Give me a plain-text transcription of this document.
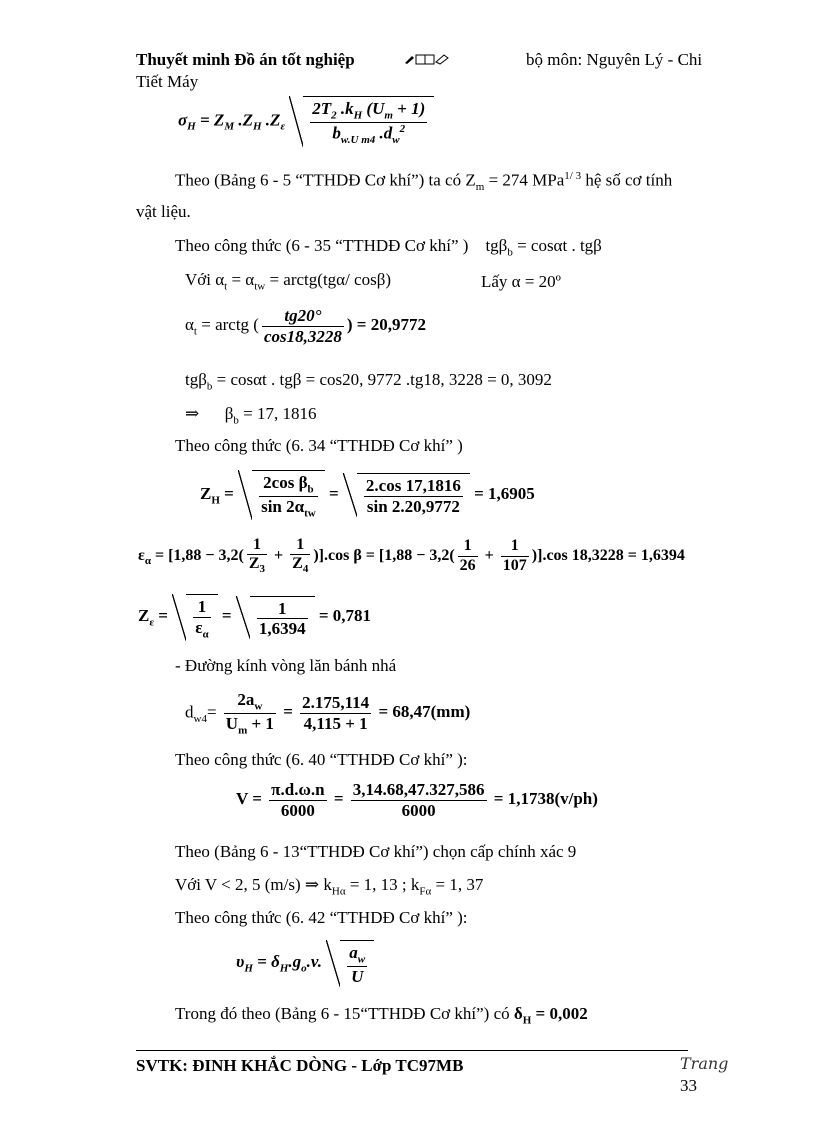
Thuyết minh Đồ án tốt nghiệp	bộ môn: Nguyên Lý - Chi
Tiết Máy
$\sigma_H = Z_M$ $.Z_H$ $.Z_\varepsilon \frac{2T_2 .k_H (U_m + 1)}{b_{w.U m4} .d_w^2}$
Theo (Bảng 6 - 5 “TTHDĐ Cơ khí”) ta có $Z_m = 274$ MPa$^{1/ 3}$ hệ số cơ tính
vật liệu.
Theo công thức (6 - 35 “TTHDĐ Cơ khí” ) tgβ$_b$ = cosαt . tgβ
Với $\alpha_t = \alpha_{tw}$ = arctg(tgα/ cosβ)	Lấy α = 20º
$\alpha_t$ = arctg ( $\frac{tg20^\circ}{\cos 18,3228}$ ) = 20,9772
tgβ$_b$ = cosαt . tgβ = cos20, 9772 .tg18, 3228 = 0, 3092
⇒ $\beta_b = 17$, 1816
Theo công thức (6. 34 “TTHDĐ Cơ khí” )
$Z_H = \frac{2\cos \beta_b}{\sin 2\alpha_{tw}} = \frac{2.\cos 17,1816}{\sin 2.20,9772} = 1,6905$
$\varepsilon_\alpha = [1,88 - 3,2( \frac{1}{Z_3} + \frac{1}{Z_4} )].\cos$ $\beta = [1,88 - 3,2( \frac{1}{26} + \frac{1}{107} )].\cos$ 18,3228 = 1,6394
$Z_\varepsilon = \frac{1}{\varepsilon_\alpha} = \frac{1}{1,6394} = 0,781$
- Đường kính vòng lăn bánh nhá
$d_{w4}= \frac{2a_w}{U_m + 1} = \frac{2.175,114}{4,115 + 1} = 68,47(mm)$
Theo công thức (6. 40 “TTHDĐ Cơ khí” ):
$V = \frac{\pi.d.\omega.n}{6000} = \frac{3,14.68,47.327,586}{6000} = 1,1738(v/ph)$
Theo (Bảng 6 - 13“TTHDĐ Cơ khí”) chọn cấp chính xác 9
Với V < 2, 5 (m/s) ⇒ $k_{H\alpha} = 1$, 13 ; $k_{F\alpha} = 1$, 37
Theo công thức (6. 42 “TTHDĐ Cơ khí” ):
$\upsilon_H = \delta_H.g_o.v$. $\frac{a_w}{U}$
Trong đó theo (Bảng 6 - 15“TTHDĐ Cơ khí”) có $\delta_H = 0,002$
SVTK: ĐINH KHẮC DÒNG - Lớp TC97MB	Trang
33
